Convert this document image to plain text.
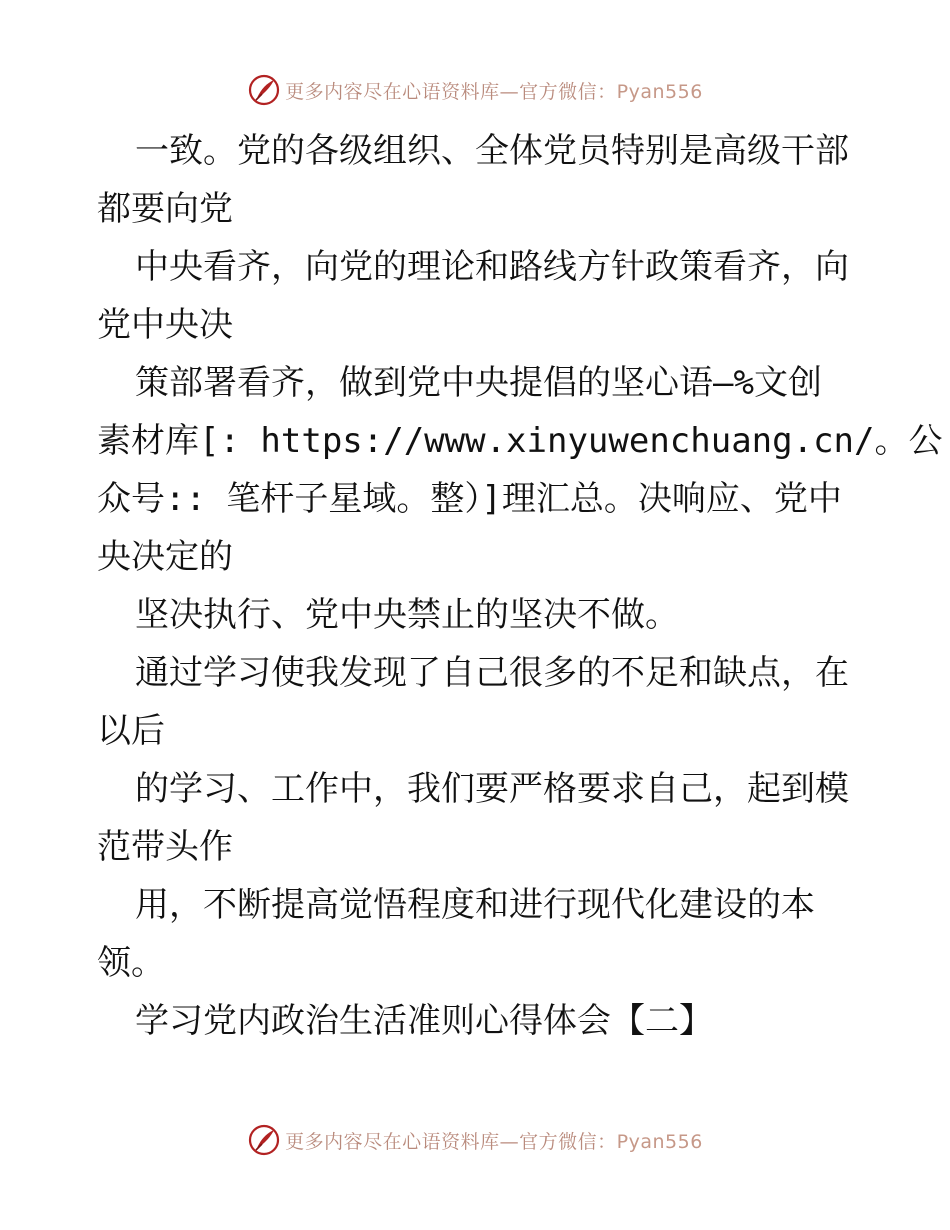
更多内容尽在心语资料库—官方微信：Pyan556
一致。党的各级组织、全体党员特别是高级干部
都要向党
中央看齐，向党的理论和路线方针政策看齐，向
党中央决
策部署看齐，做到党中央提倡的坚心语—%文创
素材库[: https://www.xinyuwenchuang.cn/。公
众号:: 笔杆子星域。整）]理汇总。决响应、党中
央决定的
坚决执行、党中央禁止的坚决不做。
通过学习使我发现了自己很多的不足和缺点，在
以后
的学习、工作中，我们要严格要求自己，起到模
范带头作
用，不断提高觉悟程度和进行现代化建设的本
领。
学习党内政治生活准则心得体会【二】
更多内容尽在心语资料库—官方微信：Pyan556
